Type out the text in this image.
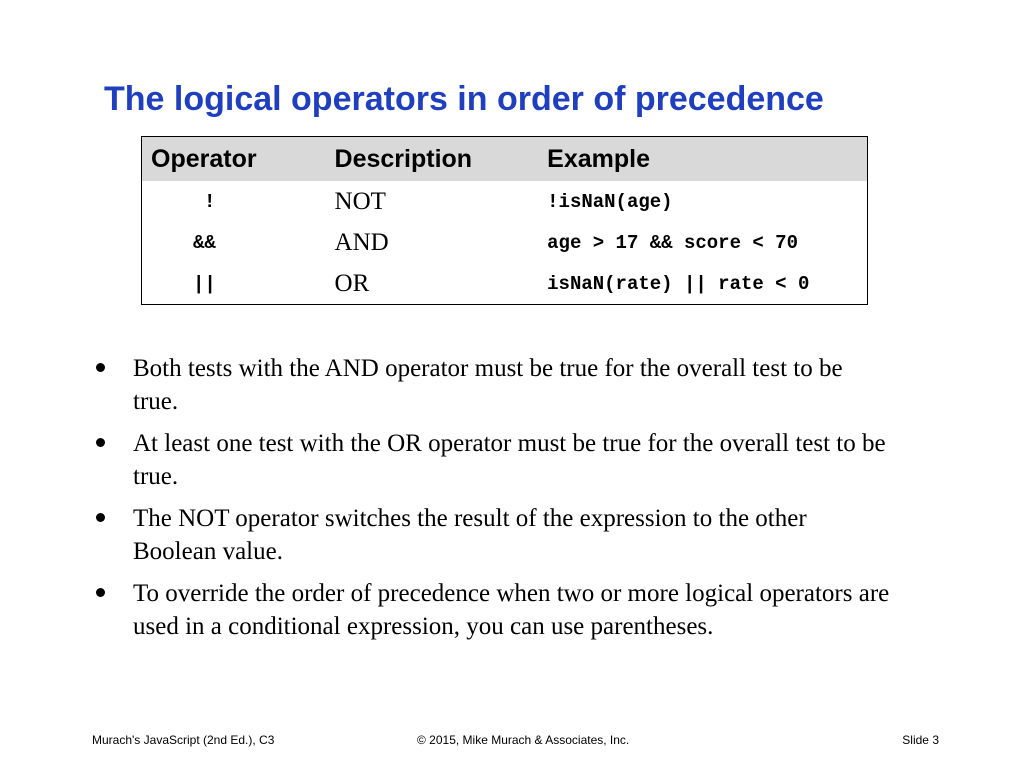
The logical operators in order of precedence
Operator	Description	Example
!	NOT	!isNaN(age)
&&	AND	age > 17 && score < 70
||	OR	isNaN(rate) || rate < 0
Both tests with the AND operator must be true for the overall test to be true.
At least one test with the OR operator must be true for the overall test to be true.
The NOT operator switches the result of the expression to the other Boolean value.
To override the order of precedence when two or more logical operators are used in a conditional expression, you can use parentheses.
Murach's JavaScript (2nd Ed.), C3	© 2015, Mike Murach & Associates, Inc.	Slide 3
